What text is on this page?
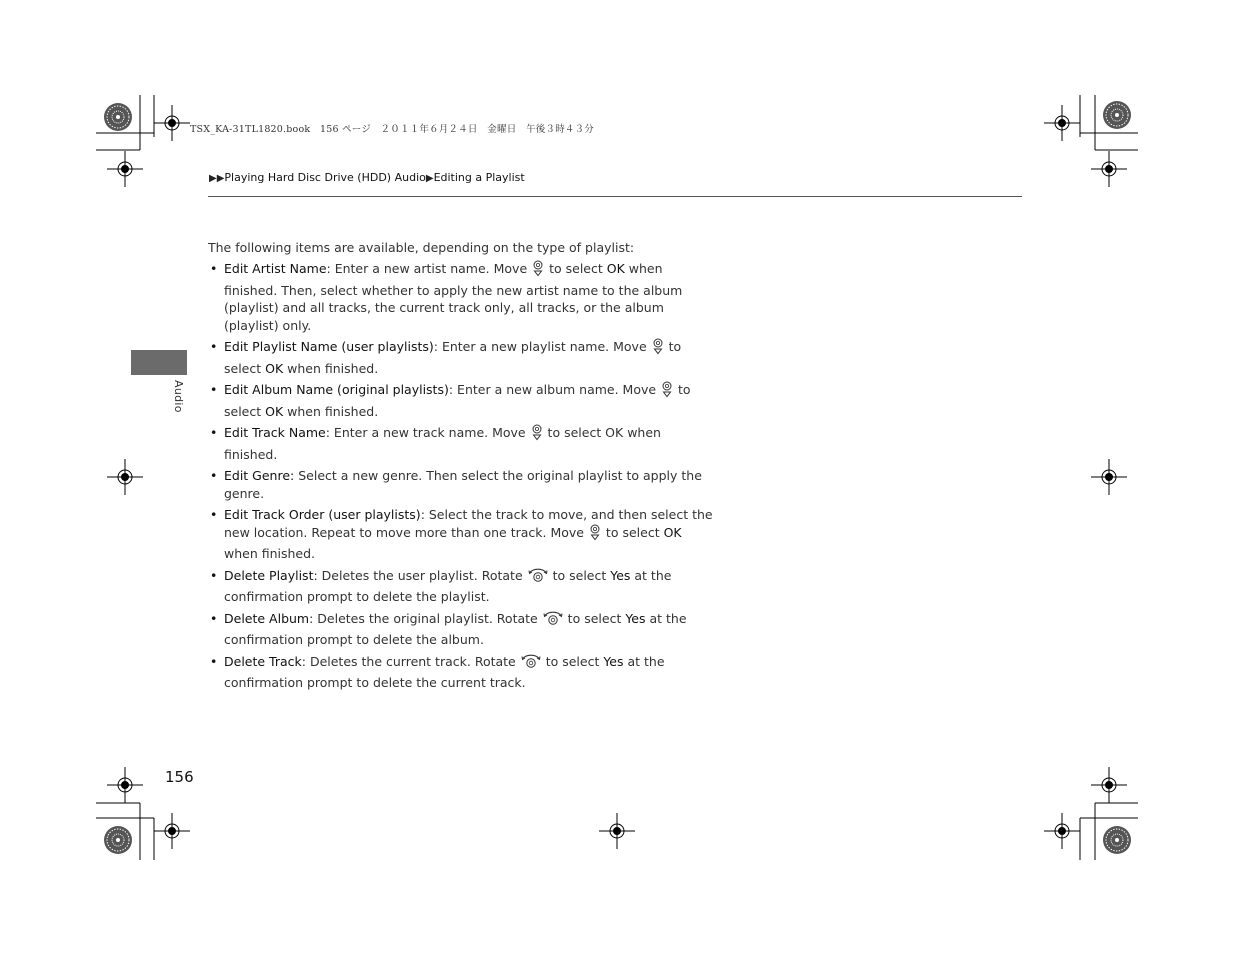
TSX_KA-31TL1820.book　156 ページ　２０１１年６月２４日　金曜日　午後３時４３分
▶▶Playing Hard Disc Drive (HDD) Audio▶Editing a Playlist
Audio

The following items are available, depending on the type of playlist:

• Edit Artist Name: Enter a new artist name. Move  to select OK when finished. Then, select whether to apply the new artist name to the album (playlist) and all tracks, the current track only, all tracks, or the album (playlist) only.
• Edit Playlist Name (user playlists): Enter a new playlist name. Move  to select OK when finished.
• Edit Album Name (original playlists): Enter a new album name. Move  to select OK when finished.
• Edit Track Name: Enter a new track name. Move  to select OK when finished.
• Edit Genre: Select a new genre. Then select the original playlist to apply the genre.
• Edit Track Order (user playlists): Select the track to move, and then select the new location. Repeat to move more than one track. Move  to select OK when finished.
• Delete Playlist: Deletes the user playlist. Rotate  to select Yes at the confirmation prompt to delete the playlist.
• Delete Album: Deletes the original playlist. Rotate  to select Yes at the confirmation prompt to delete the album.
• Delete Track: Deletes the current track. Rotate  to select Yes at the confirmation prompt to delete the current track.
156
